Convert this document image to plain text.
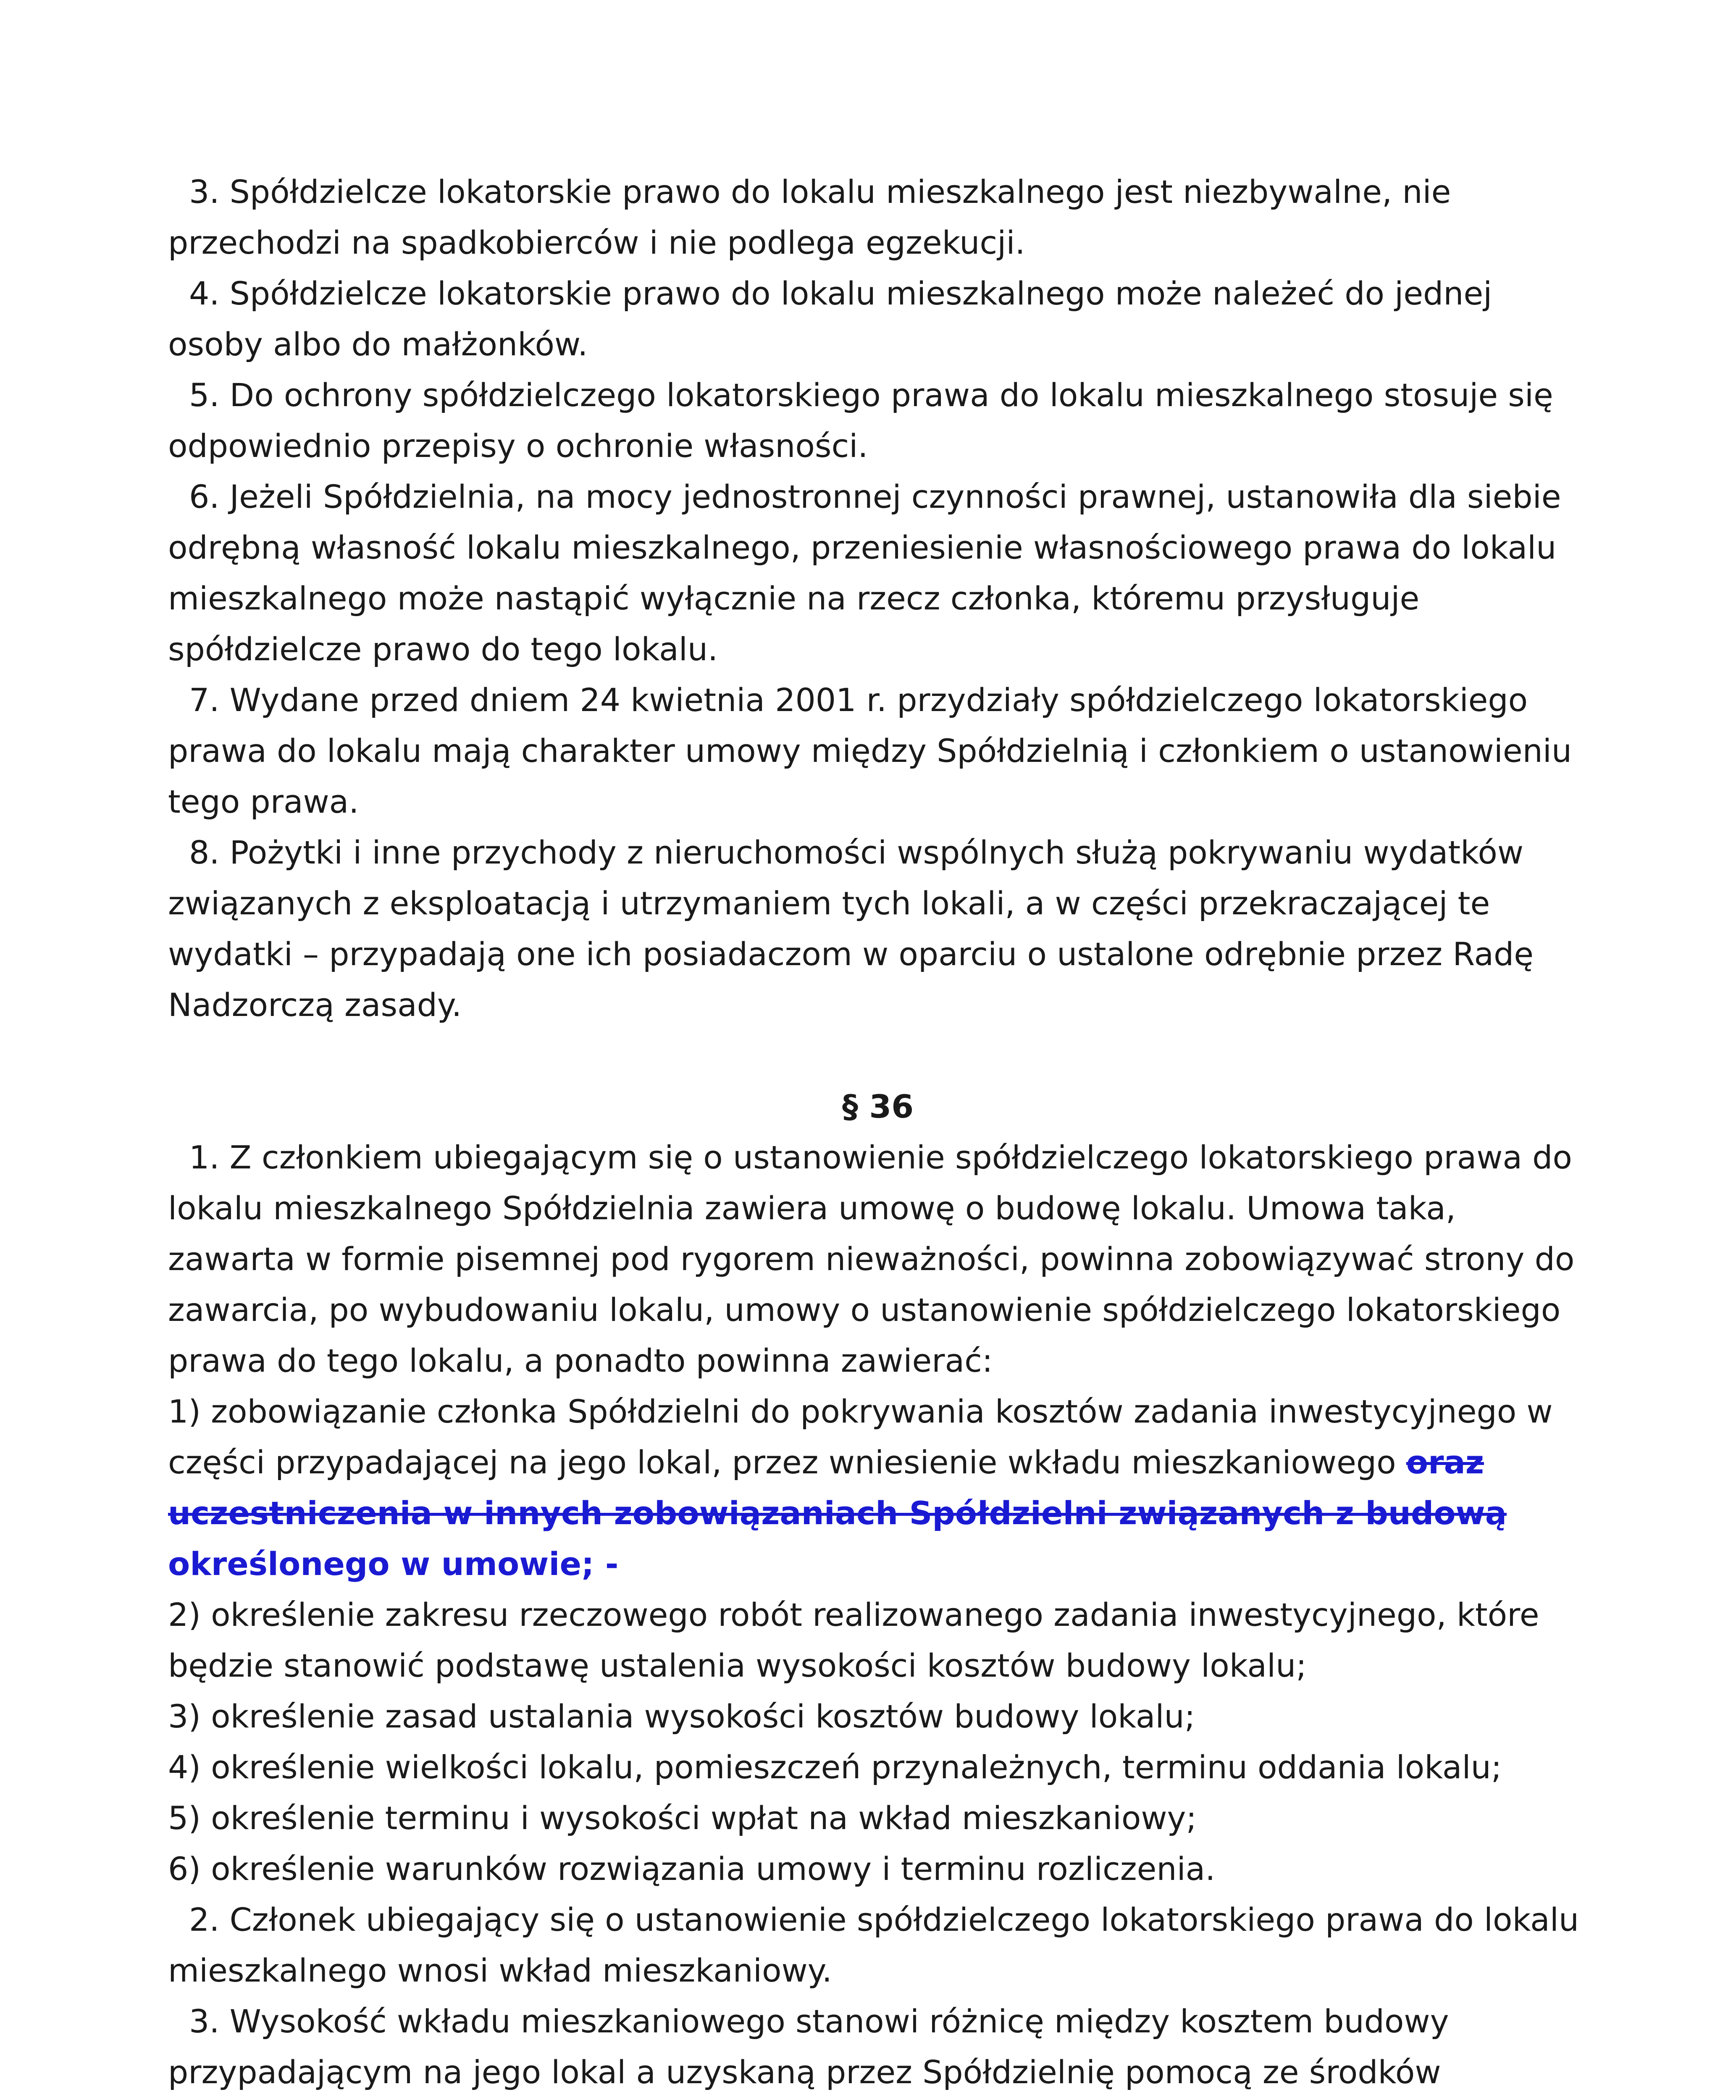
3. Spółdzielcze lokatorskie prawo do lokalu mieszkalnego jest niezbywalne, nie przechodzi na spadkobierców i nie podlega egzekucji.

4. Spółdzielcze lokatorskie prawo do lokalu mieszkalnego może należeć do jednej osoby albo do małżonków.

5. Do ochrony spółdzielczego lokatorskiego prawa do lokalu mieszkalnego stosuje się odpowiednio przepisy o ochronie własności.

6. Jeżeli Spółdzielnia, na mocy jednostronnej czynności prawnej, ustanowiła dla siebie odrębną własność lokalu mieszkalnego, przeniesienie własnościowego prawa do lokalu mieszkalnego może nastąpić wyłącznie na rzecz członka, któremu przysługuje spółdzielcze prawo do tego lokalu.

7. Wydane przed dniem 24 kwietnia 2001 r. przydziały spółdzielczego lokatorskiego prawa do lokalu mają charakter umowy między Spółdzielnią i członkiem o ustanowieniu tego prawa.

8. Pożytki i inne przychody z nieruchomości wspólnych służą pokrywaniu wydatków związanych z eksploatacją i utrzymaniem tych lokali, a w części przekraczającej te wydatki – przypadają one ich posiadaczom w oparciu o ustalone odrębnie przez Radę Nadzorczą zasady.

§ 36

1. Z członkiem ubiegającym się o ustanowienie spółdzielczego lokatorskiego prawa do lokalu mieszkalnego Spółdzielnia zawiera umowę o budowę lokalu. Umowa taka, zawarta w formie pisemnej pod rygorem nieważności, powinna zobowiązywać strony do zawarcia, po wybudowaniu lokalu, umowy o ustanowienie spółdzielczego lokatorskiego prawa do tego lokalu, a ponadto powinna zawierać:

1) zobowiązanie członka Spółdzielni do pokrywania kosztów zadania inwestycyjnego w części przypadającej na jego lokal, przez wniesienie wkładu mieszkaniowego oraz uczestniczenia w innych zobowiązaniach Spółdzielni związanych z budową określonego w umowie; -

2) określenie zakresu rzeczowego robót realizowanego zadania inwestycyjnego, które będzie stanowić podstawę ustalenia wysokości kosztów budowy lokalu;

3) określenie zasad ustalania wysokości kosztów budowy lokalu;

4) określenie wielkości lokalu, pomieszczeń przynależnych, terminu oddania lokalu;

5) określenie terminu i wysokości wpłat na wkład mieszkaniowy;

6) określenie warunków rozwiązania umowy i terminu rozliczenia.

2. Członek ubiegający się o ustanowienie spółdzielczego lokatorskiego prawa do lokalu mieszkalnego wnosi wkład mieszkaniowy.

3. Wysokość wkładu mieszkaniowego stanowi różnicę między kosztem budowy przypadającym na jego lokal a uzyskaną przez Spółdzielnię pomocą ze środków
